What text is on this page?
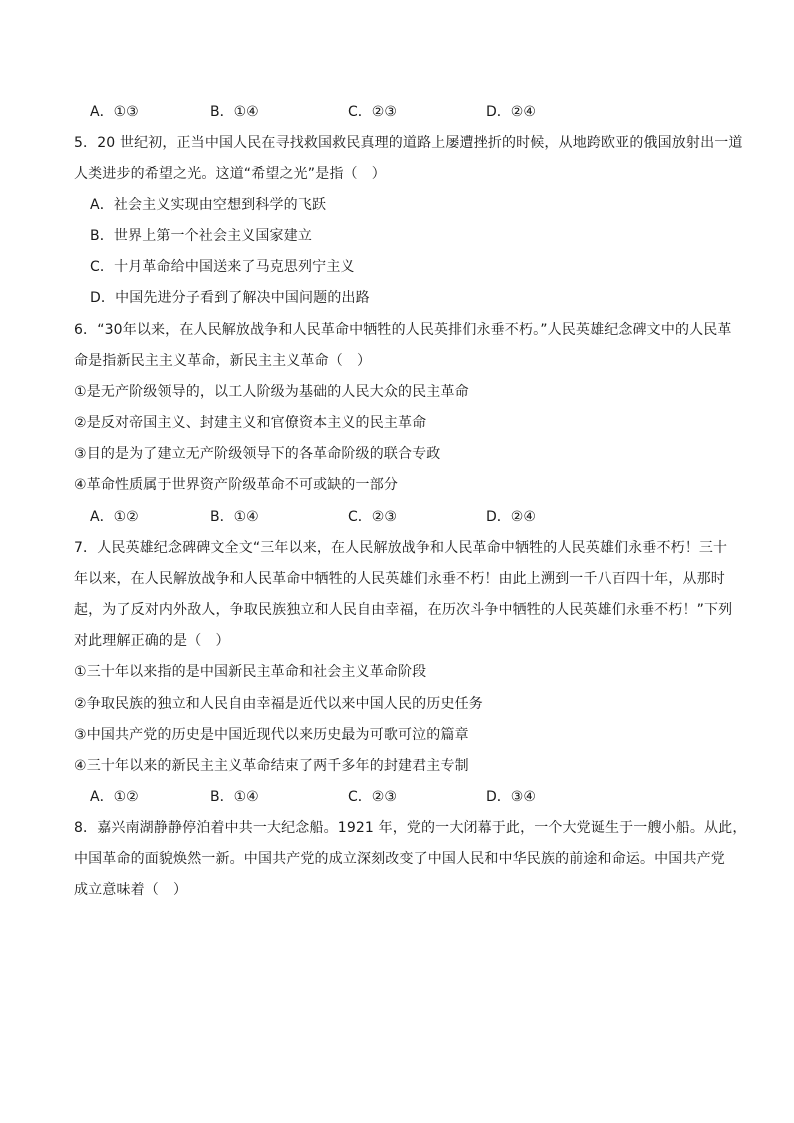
A．①③	B．①④	C．②③	D．②④
5．20 世纪初，正当中国人民在寻找救国救民真理的道路上屡遭挫折的时候，从地跨欧亚的俄国放射出一道
人类进步的希望之光。这道“希望之光”是指（　）
A．社会主义实现由空想到科学的飞跃
B．世界上第一个社会主义国家建立
C．十月革命给中国送来了马克思列宁主义
D．中国先进分子看到了解决中国问题的出路
6．“30年以来，在人民解放战争和人民革命中牺牲的人民英排们永垂不朽。”人民英雄纪念碑文中的人民革
命是指新民主主义革命，新民主主义革命（　）
①是无产阶级领导的，以工人阶级为基础的人民大众的民主革命
②是反对帝国主义、封建主义和官僚资本主义的民主革命
③目的是为了建立无产阶级领导下的各革命阶级的联合专政
④革命性质属于世界资产阶级革命不可或缺的一部分
A．①②	B．①④	C．②③	D．②④
7．人民英雄纪念碑碑文全文“三年以来，在人民解放战争和人民革命中牺牲的人民英雄们永垂不朽！三十
年以来，在人民解放战争和人民革命中牺牲的人民英雄们永垂不朽！由此上溯到一千八百四十年，从那时
起，为了反对内外敌人，争取民族独立和人民自由幸福，在历次斗争中牺牲的人民英雄们永垂不朽！”下列
对此理解正确的是（　）
①三十年以来指的是中国新民主革命和社会主义革命阶段
②争取民族的独立和人民自由幸福是近代以来中国人民的历史任务
③中国共产党的历史是中国近现代以来历史最为可歌可泣的篇章
④三十年以来的新民主主义革命结束了两千多年的封建君主专制
A．①②	B．①④	C．②③	D．③④
8．嘉兴南湖静静停泊着中共一大纪念船。1921 年，党的一大闭幕于此，一个大党诞生于一艘小船。从此，
中国革命的面貌焕然一新。中国共产党的成立深刻改变了中国人民和中华民族的前途和命运。中国共产党
成立意味着（　）
